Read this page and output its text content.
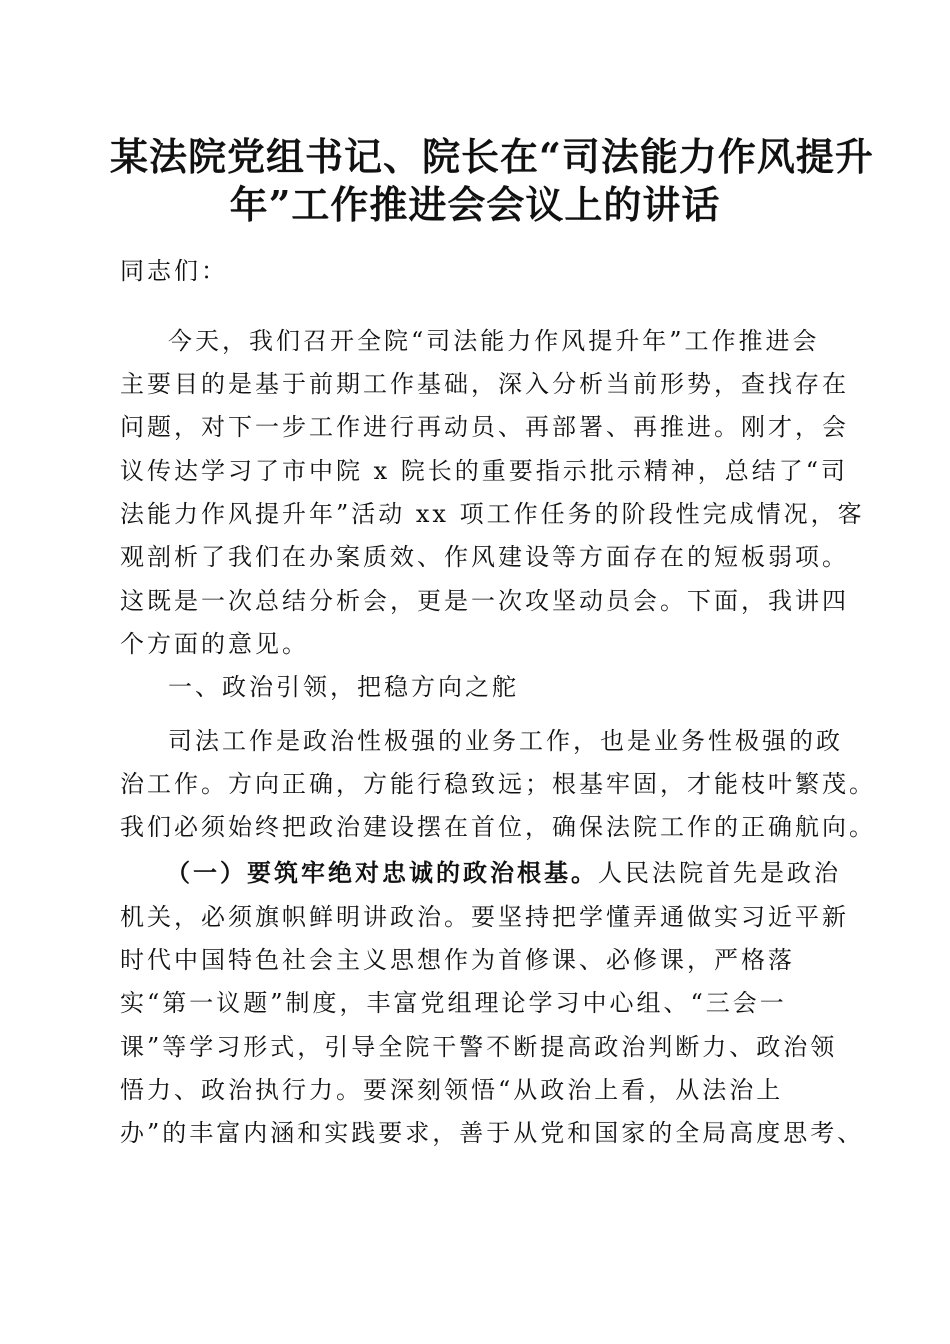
某法院党组书记、院长在“司法能力作风提升
年”工作推进会会议上的讲话
同志们：
今天，我们召开全院“司法能力作风提升年”工作推进会
主要目的是基于前期工作基础，深入分析当前形势，查找存在
问题，对下一步工作进行再动员、再部署、再推进。刚才，会
议传达学习了市中院 x 院长的重要指示批示精神，总结了“司
法能力作风提升年”活动 xx 项工作任务的阶段性完成情况，客
观剖析了我们在办案质效、作风建设等方面存在的短板弱项。
这既是一次总结分析会，更是一次攻坚动员会。下面，我讲四
个方面的意见。
一、政治引领，把稳方向之舵
司法工作是政治性极强的业务工作，也是业务性极强的政
治工作。方向正确，方能行稳致远；根基牢固，才能枝叶繁茂。
我们必须始终把政治建设摆在首位，确保法院工作的正确航向。
（一）要筑牢绝对忠诚的政治根基。人民法院首先是政治
机关，必须旗帜鲜明讲政治。要坚持把学懂弄通做实习近平新
时代中国特色社会主义思想作为首修课、必修课，严格落
实“第一议题”制度，丰富党组理论学习中心组、“三会一
课”等学习形式，引导全院干警不断提高政治判断力、政治领
悟力、政治执行力。要深刻领悟“从政治上看，从法治上
办”的丰富内涵和实践要求，善于从党和国家的全局高度思考、
